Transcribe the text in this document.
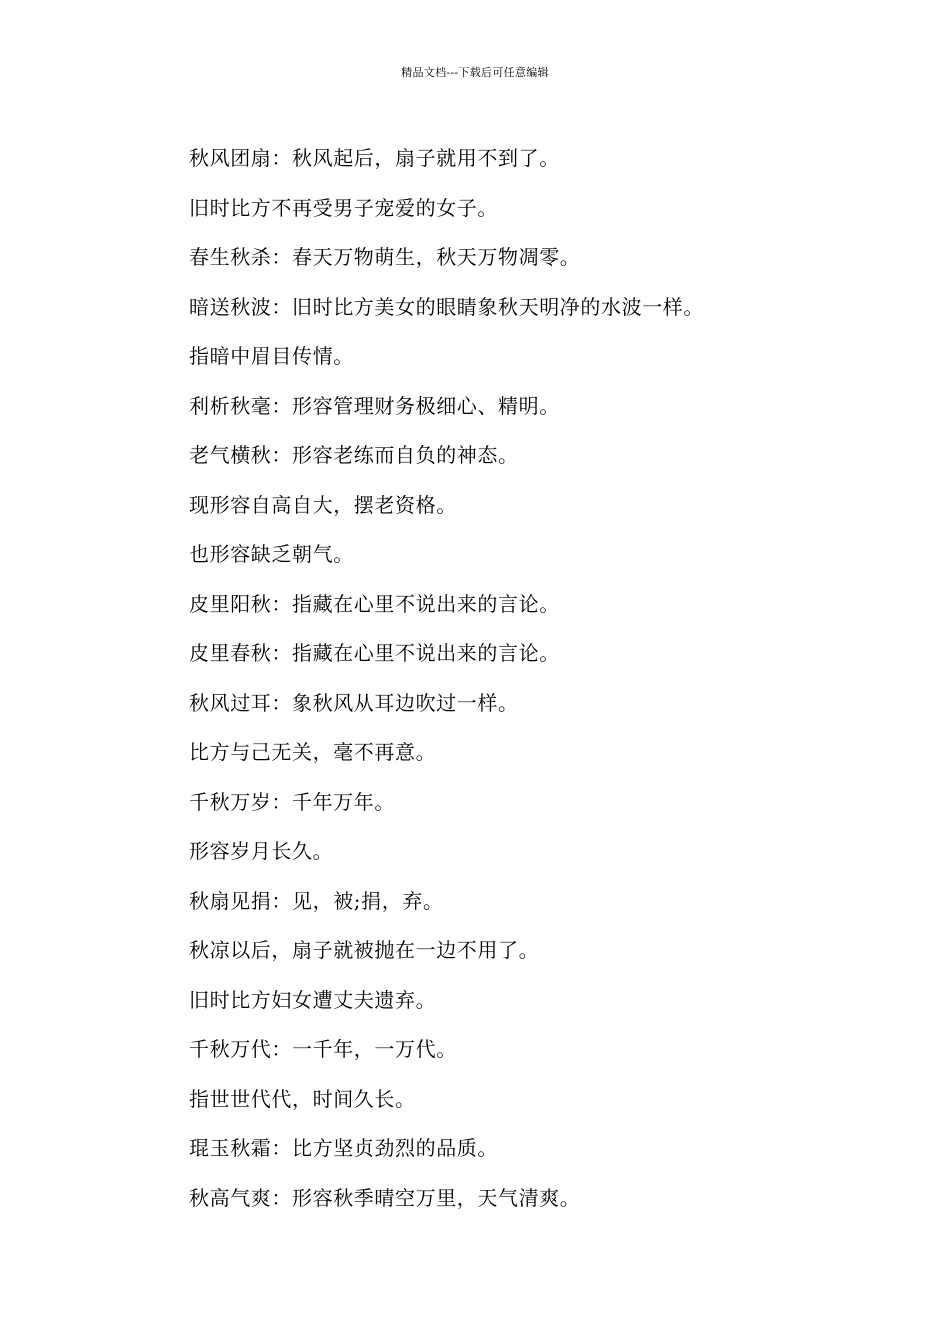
精品文档---下载后可任意编辑
秋风团扇：秋风起后，扇子就用不到了。
旧时比方不再受男子宠爱的女子。
春生秋杀：春天万物萌生，秋天万物凋零。
暗送秋波：旧时比方美女的眼睛象秋天明净的水波一样。
指暗中眉目传情。
利析秋毫：形容管理财务极细心、精明。
老气横秋：形容老练而自负的神态。
现形容自高自大，摆老资格。
也形容缺乏朝气。
皮里阳秋：指藏在心里不说出来的言论。
皮里春秋：指藏在心里不说出来的言论。
秋风过耳：象秋风从耳边吹过一样。
比方与己无关，毫不再意。
千秋万岁：千年万年。
形容岁月长久。
秋扇见捐：见，被;捐，弃。
秋凉以后，扇子就被抛在一边不用了。
旧时比方妇女遭丈夫遗弃。
千秋万代：一千年，一万代。
指世世代代，时间久长。
琨玉秋霜：比方坚贞劲烈的品质。
秋高气爽：形容秋季晴空万里，天气清爽。
